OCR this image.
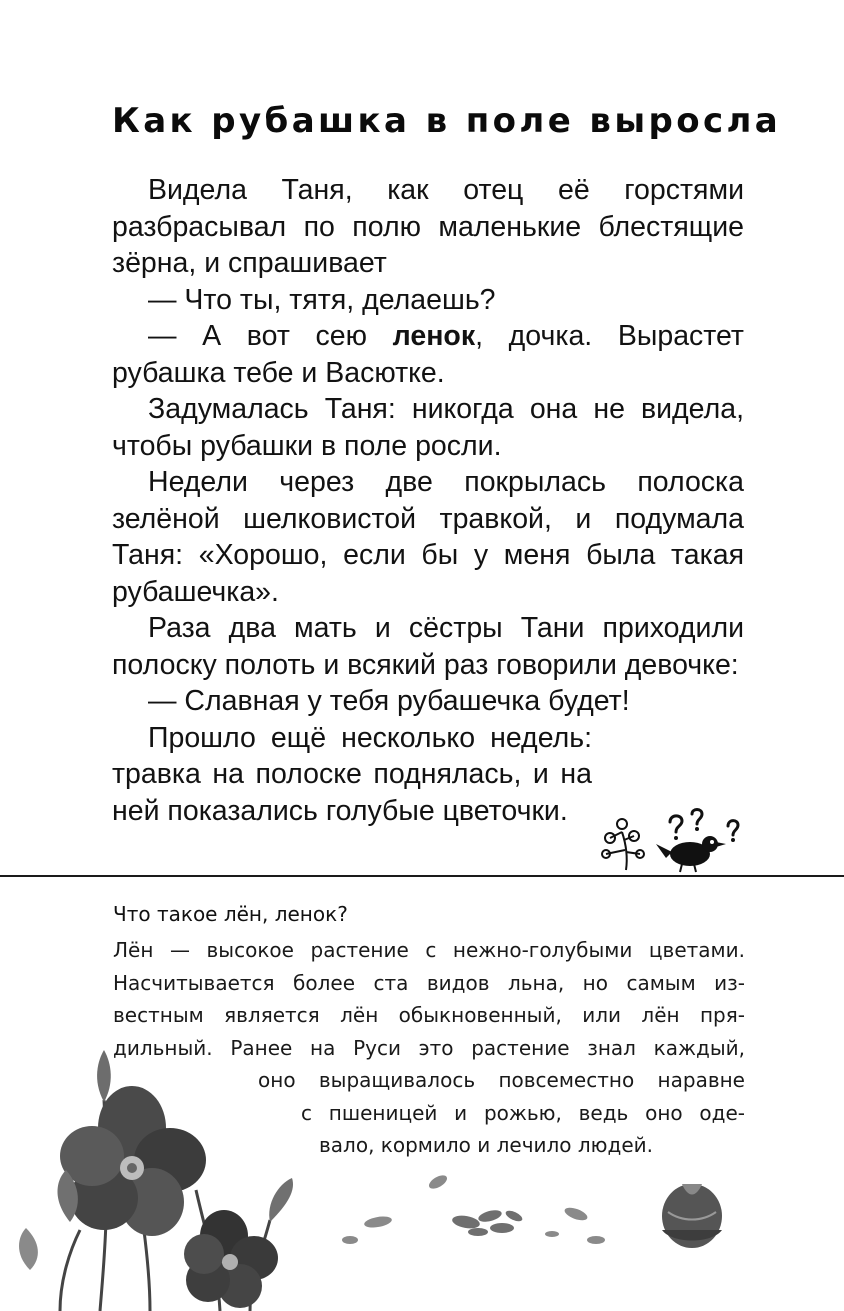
Как рубашка в поле выросла

Видела Таня, как отец её горстями разбрасывал по полю маленькие блестящие зёрна, и спрашивает

— Что ты, тятя, делаешь?

— А вот сею ленок, дочка. Вырастет рубашка тебе и Васютке.

Задумалась Таня: никогда она не видела, чтобы рубашки в поле росли.

Недели через две покрылась полоска зелёной шелковистой травкой, и подумала Таня: «Хорошо, если бы у меня была такая рубашечка».

Раза два мать и сёстры Тани приходили полоску полоть и всякий раз говорили девочке:

— Славная у тебя рубашечка будет!

Прошло ещё несколько недель: травка на полоске поднялась, и на ней показались голубые цветочки.

Что такое лён, ленок?
Лён — высокое растение с нежно-голубыми цветами.
Насчитывается более ста видов льна, но самым из-
вестным является лён обыкновенный, или лён пря-
дильный. Ранее на Руси это растение знал каждый,
оно выращивалось повсеместно наравне
с пшеницей и рожью, ведь оно оде-
вало, кормило и лечило людей.
